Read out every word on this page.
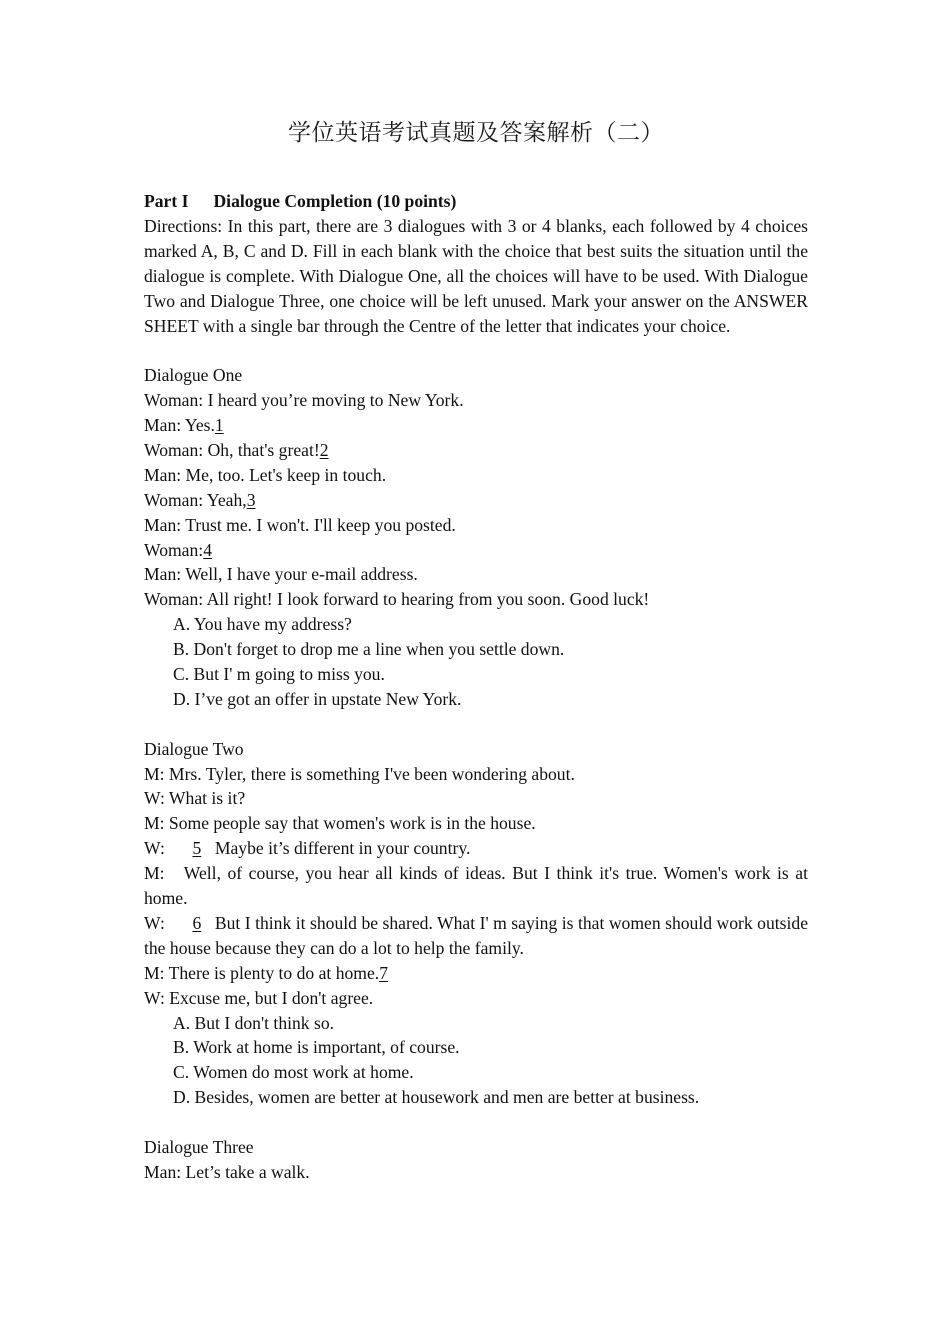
学位英语考试真题及答案解析（二）
Part I Dialogue Completion (10 points)
Directions: In this part, there are 3 dialogues with 3 or 4 blanks, each followed by 4 choices marked A, B, C and D. Fill in each blank with the choice that best suits the situation until the dialogue is complete. With Dialogue One, all the choices will have to be used. With Dialogue Two and Dialogue Three, one choice will be left unused. Mark your answer on the ANSWER SHEET with a single bar through the Centre of the letter that indicates your choice.
Dialogue One
Woman: I heard you’re moving to New York.
Man: Yes.1
Woman: Oh, that's great!2
Man: Me, too. Let's keep in touch.
Woman: Yeah,3
Man: Trust me. I won't. I'll keep you posted.
Woman:4
Man: Well, I have your e-mail address.
Woman: All right! I look forward to hearing from you soon. Good luck!
A. You have my address?
B. Don't forget to drop me a line when you settle down.
C. But I' m going to miss you.
D. I’ve got an offer in upstate New York.
Dialogue Two
M: Mrs. Tyler, there is something I've been wondering about.
W: What is it?
M: Some people say that women's work is in the house.
W: 5 Maybe it’s different in your country.
M:   Well, of course, you hear all kinds of ideas. But I think it's true. Women's work is at home.
W: 6 But I think it should be shared. What I' m saying is that women should work outside the house because they can do a lot to help the family.
M: There is plenty to do at home.7
W: Excuse me, but I don't agree.
A. But I don't think so.
B. Work at home is important, of course.
C. Women do most work at home.
D. Besides, women are better at housework and men are better at business.
Dialogue Three
Man: Let’s take a walk.
